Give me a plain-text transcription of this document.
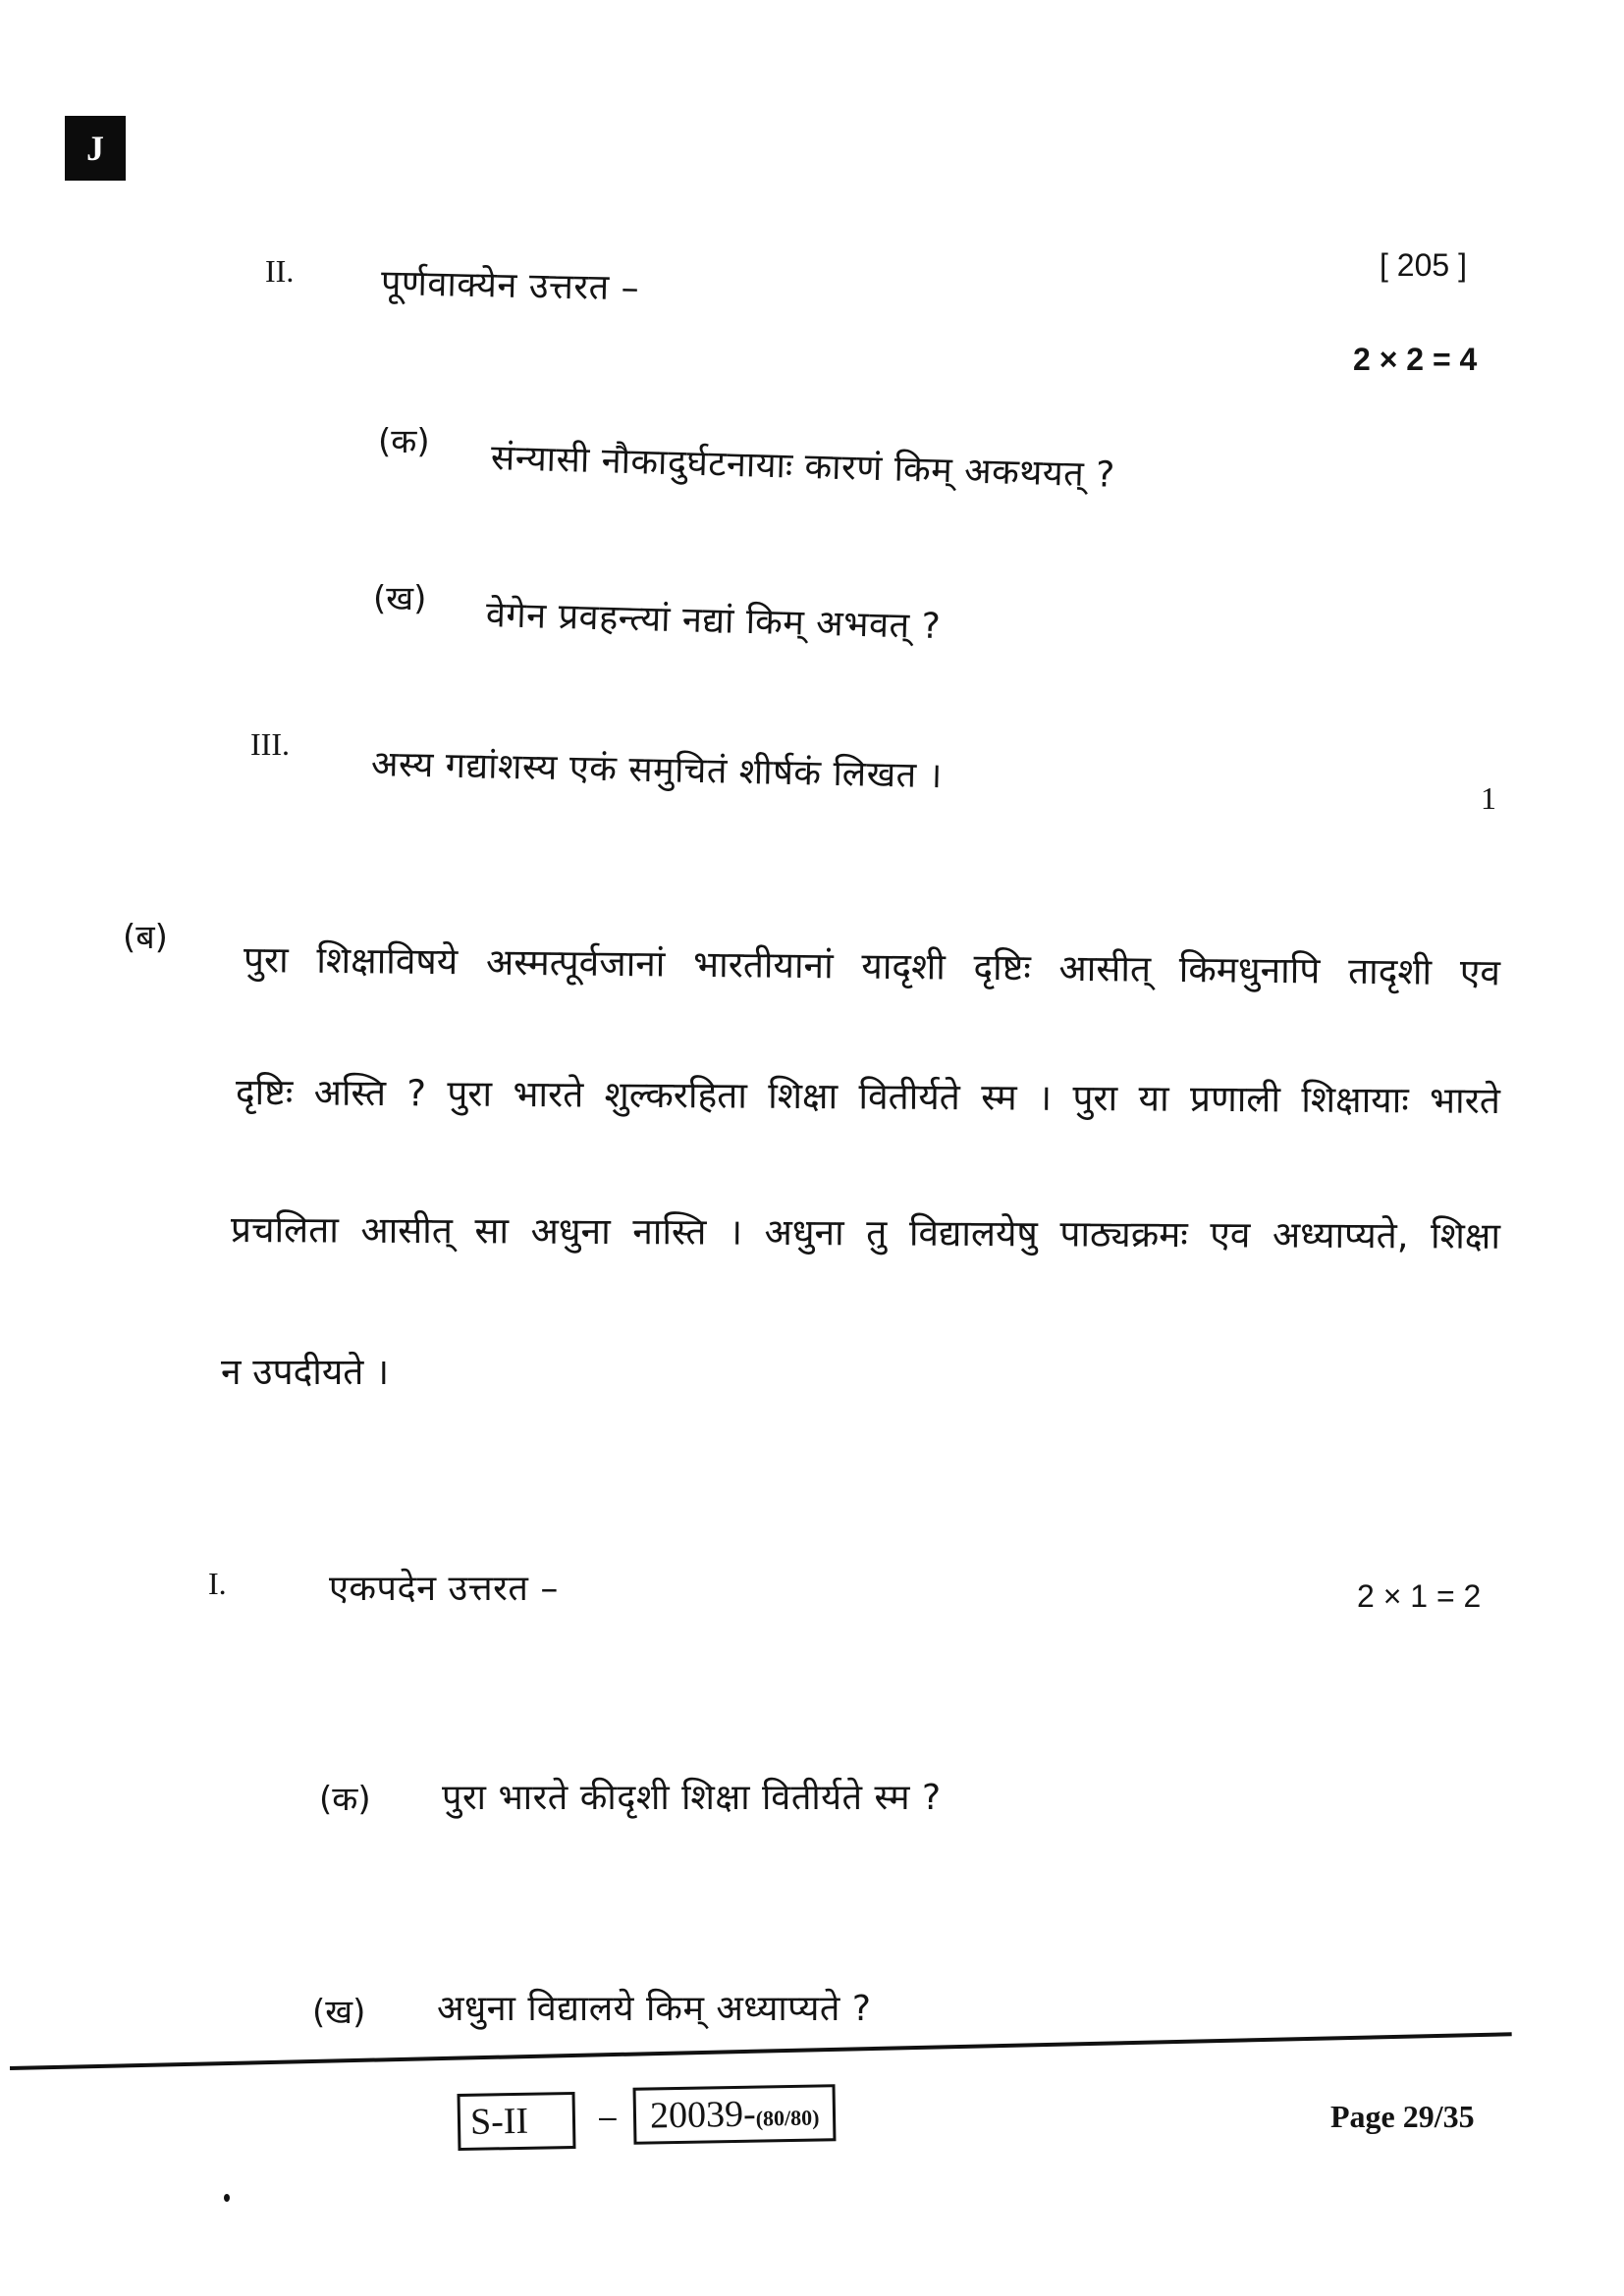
J
II. पूर्णवाक्येन उत्तरत –	[ 205 ]
2 × 2 = 4
(क) संन्यासी नौकादुर्घटनायाः कारणं किम् अकथयत् ?
(ख) वेगेन प्रवहन्त्यां नद्यां किम् अभवत् ?
III.
अस्य गद्यांशस्य एकं समुचितं शीर्षकं लिखत ।
1
(ब)
पुरा शिक्षाविषये अस्मत्पूर्वजानां भारतीयानां यादृशी दृष्टिः आसीत् किमधुनापि तादृशी एव
दृष्टिः अस्ति ? पुरा भारते शुल्करहिता शिक्षा वितीर्यते स्म । पुरा या प्रणाली शिक्षायाः भारते
प्रचलिता आसीत् सा अधुना नास्ति । अधुना तु विद्यालयेषु पाठ्यक्रमः एव अध्याप्यते, शिक्षा
न उपदीयते ।
I.	एकपदेन उत्तरत –	2 × 1 = 2
(क) पुरा भारते कीदृशी शिक्षा वितीर्यते स्म ?
(ख) अधुना विद्यालये किम् अध्याप्यते ?
S-II	– 20039-(80/80)	Page 29/35
